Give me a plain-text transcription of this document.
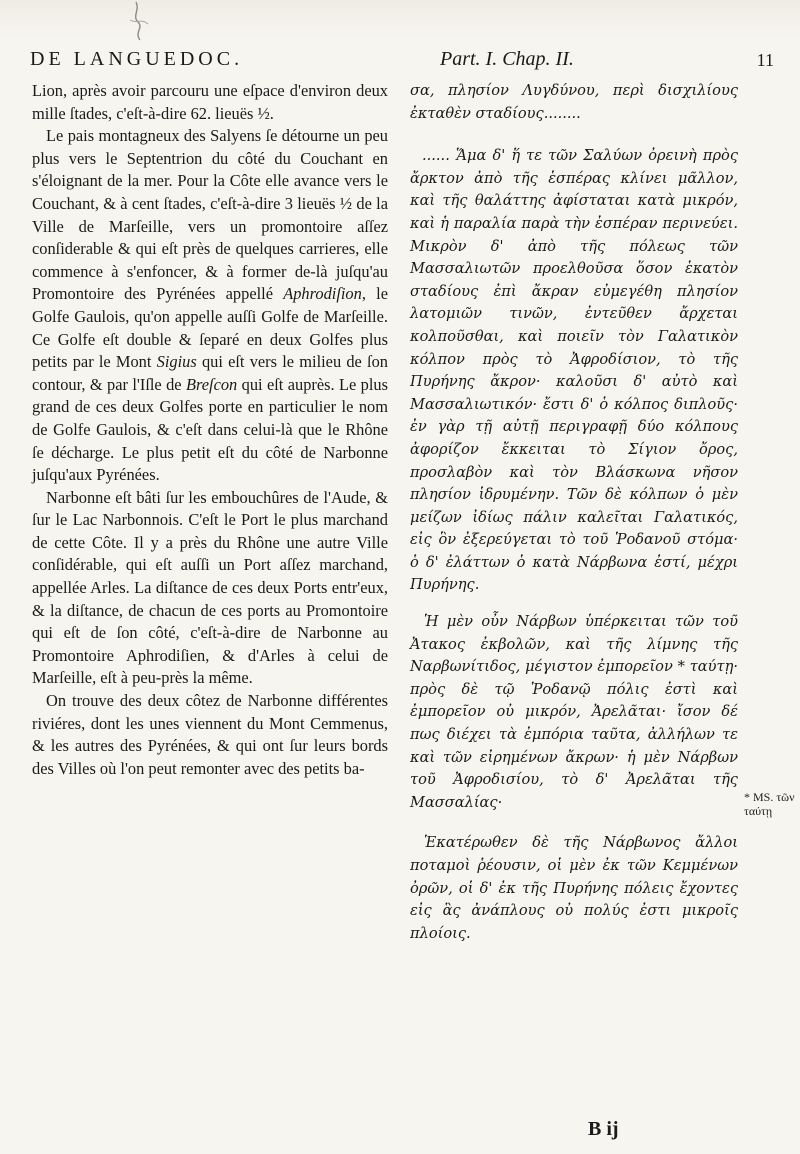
DE LANGUEDOC.	Part. I. Chap. II.	11

Lion, après avoir parcouru une eſpace d'environ deux mille ſtades, c'eſt-à-dire 62. lieuës ½.

Le pais montagneux des Salyens ſe détourne un peu plus vers le Septentrion du côté du Couchant en s'éloignant de la mer. Pour la Côte elle avance vers le Couchant, & à cent ſtades, c'eſt-à-dire 3 lieuës ½ de la Ville de Marſeille, vers un promontoire aſſez conſiderable & qui eſt près de quelques carrieres, elle commence à s'enfoncer, & à former de-là juſqu'au Promontoire des Pyrénées appellé Aphrodiſion, le Golfe Gaulois, qu'on appelle auſſi Golfe de Marſeille. Ce Golfe eſt double & ſeparé en deux Golfes plus petits par le Mont Sigius qui eſt vers le milieu de ſon contour, & par l'Iſle de Breſcon qui eſt auprès. Le plus grand de ces deux Golfes porte en particulier le nom de Golfe Gaulois, & c'eſt dans celui-là que le Rhône ſe décharge. Le plus petit eſt du côté de Narbonne juſqu'aux Pyrénées.

Narbonne eſt bâti ſur les embouchûres de l'Aude, & ſur le Lac Narbonnois. C'eſt le Port le plus marchand de cette Côte. Il y a près du Rhône une autre Ville conſidérable, qui eſt auſſi un Port aſſez marchand, appellée Arles. La diſtance de ces deux Ports entr'eux, & la diſtance, de chacun de ces ports au Promontoire qui eſt de ſon côté, c'eſt-à-dire de Narbonne au Promontoire Aphrodiſien, & d'Arles à celui de Marſeille, eſt à peu-près la même.

On trouve des deux côtez de Narbonne différentes riviéres, dont les unes viennent du Mont Cemmenus, & les autres des Pyrénées, & qui ont ſur leurs bords des Villes où l'on peut remonter avec des petits ba-

σα, πλησίον Λυγδύνου, περὶ δισχιλίους ἐκταθὲν σταδίους........

...... Ἅμα δ' ἥ τε τῶν Σαλύων ὀρεινὴ πρὸς ἄρκτον ἀπὸ τῆς ἑσπέρας κλίνει μᾶλλον, καὶ τῆς θαλάττης ἀφίσταται κατὰ μικρόν, καὶ ἡ παραλία παρὰ τὴν ἑσπέραν περινεύει. Μικρὸν δ' ἀπὸ τῆς πόλεως τῶν Μασσαλιωτῶν προελθοῦσα ὅσον ἑκατὸν σταδίους ἐπὶ ἄκραν εὐμεγέθη πλησίον λατομιῶν τινῶν, ἐντεῦθεν ἄρχεται κολποῦσθαι, καὶ ποιεῖν τὸν Γαλατικὸν κόλπον πρὸς τὸ Ἀφροδίσιον, τὸ τῆς Πυρήνης ἄκρον· καλοῦσι δ' αὐτὸ καὶ Μασσαλιωτικόν· ἔστι δ' ὁ κόλπος διπλοῦς· ἐν γὰρ τῇ αὐτῇ περιγραφῇ δύο κόλπους ἀφορίζον ἔκκειται τὸ Σίγιον ὄρος, προσλαβὸν καὶ τὸν Βλάσκωνα νῆσον πλησίον ἱδρυμένην. Τῶν δὲ κόλπων ὁ μὲν μείζων ἰδίως πάλιν καλεῖται Γαλατικός, εἰς ὃν ἐξερεύγεται τὸ τοῦ Ῥοδανοῦ στόμα· ὁ δ' ἐλάττων ὁ κατὰ Νάρβωνα ἐστί, μέχρι Πυρήνης.

Ἡ μὲν οὖν Νάρβων ὑπέρκειται τῶν τοῦ Ἀτακος ἐκβολῶν, καὶ τῆς λίμνης τῆς Ναρβωνίτιδος, μέγιστον ἐμπορεῖον * ταύτῃ· πρὸς δὲ τῷ Ῥοδανῷ πόλις ἐστὶ καὶ ἐμπορεῖον οὐ μικρόν, Ἀρελᾶται· ἴσον δέ πως διέχει τὰ ἐμπόρια ταῦτα, ἀλλήλων τε καὶ τῶν εἰρημένων ἄκρων· ἡ μὲν Νάρβων τοῦ Ἀφροδισίου, τὸ δ' Ἀρελᾶται τῆς Μασσαλίας·

Ἑκατέρωθεν δὲ τῆς Νάρβωνος ἄλλοι ποταμοὶ ῥέουσιν, οἱ μὲν ἐκ τῶν Κεμμένων ὀρῶν, οἱ δ' ἐκ τῆς Πυρήνης πόλεις ἔχοντες εἰς ἃς ἀνάπλους οὐ πολύς ἐστι μικροῖς πλοίοις.

* MS. τῶν ταύτῃ
B ij
